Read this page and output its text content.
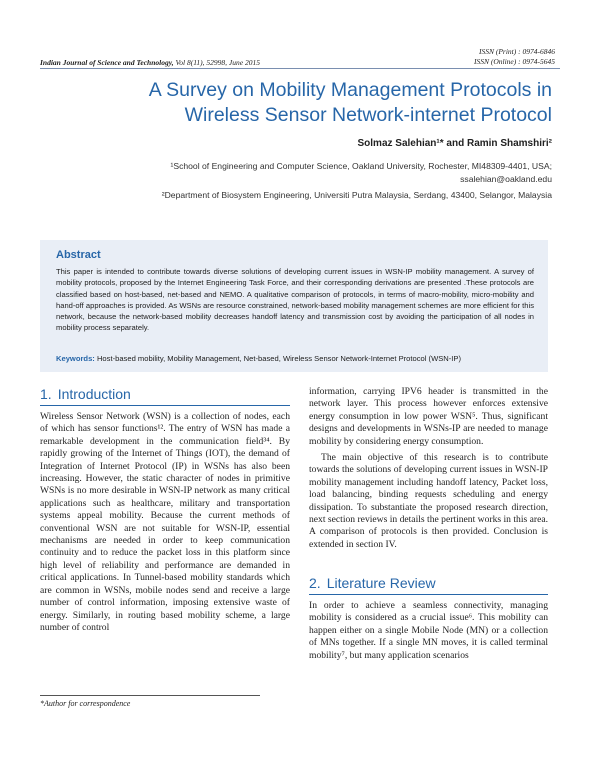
ISSN (Print) : 0974-6846
ISSN (Online) : 0974-5645
Indian Journal of Science and Technology, Vol 8(11), 52998, June 2015
A Survey on Mobility Management Protocols in
Wireless Sensor Network-internet Protocol
Solmaz Salehian¹* and Ramin Shamshiri²
¹School of Engineering and Computer Science, Oakland University, Rochester, MI48309-4401, USA;
ssalehian@oakland.edu
²Department of Biosystem Engineering, Universiti Putra Malaysia, Serdang, 43400, Selangor, Malaysia
Abstract
This paper is intended to contribute towards diverse solutions of developing current issues in WSN-IP mobility management. A survey of mobility protocols, proposed by the Internet Engineering Task Force, and their corresponding derivations are presented .These protocols are classified based on host-based, net-based and NEMO. A qualitative comparison of protocols, in terms of macro-mobility, micro-mobility and hand-off approaches is provided. As WSNs are resource constrained, network-based mobility management schemes are more efficient for this network, because the network-based mobility decreases handoff latency and transmission cost by avoiding the participation of all nodes in mobility process separately.
Keywords: Host-based mobility, Mobility Management, Net-based, Wireless Sensor Network-Internet Protocol (WSN-IP)
1. Introduction

Wireless Sensor Network (WSN) is a collection of nodes, each of which has sensor functions¹². The entry of WSN has made a remarkable development in the communication field³⁴. By rapidly growing of the Internet of Things (IOT), the demand of Integration of Internet Protocol (IP) in WSNs has also been increasing. However, the static character of nodes in primitive WSNs is no more desirable in WSN-IP network as many critical applications such as healthcare, military and transportation systems appeal mobility. Because the current methods of conventional WSN are not suitable for WSN-IP, essential mechanisms are needed in order to keep communication continuity and to reduce the packet loss in this platform since high level of reliability and performance are demanded in critical applications. In Tunnel-based mobility standards which are common in WSNs, mobile nodes send and receive a large number of control information, imposing extensive waste of energy. Similarly, in routing based mobility scheme, a large number of control

information, carrying IPV6 header is transmitted in the network layer. This process however enforces extensive energy consumption in low power WSN⁵. Thus, significant designs and developments in WSNs-IP are needed to manage mobility by considering energy consumption.

The main objective of this research is to contribute towards the solutions of developing current issues in WSN-IP mobility management including handoff latency, Packet loss, load balancing, binding requests scheduling and energy dissipation. To substantiate the proposed research direction, next section reviews in details the pertinent works in this area. A comparison of protocols is then provided. Conclusion is extended in section IV.

2. Literature Review

In order to achieve a seamless connectivity, managing mobility is considered as a crucial issue⁶. This mobility can happen either on a single Mobile Node (MN) or a collection of MNs together. If a single MN moves, it is called terminal mobility⁷, but many application scenarios

*Author for correspondence
